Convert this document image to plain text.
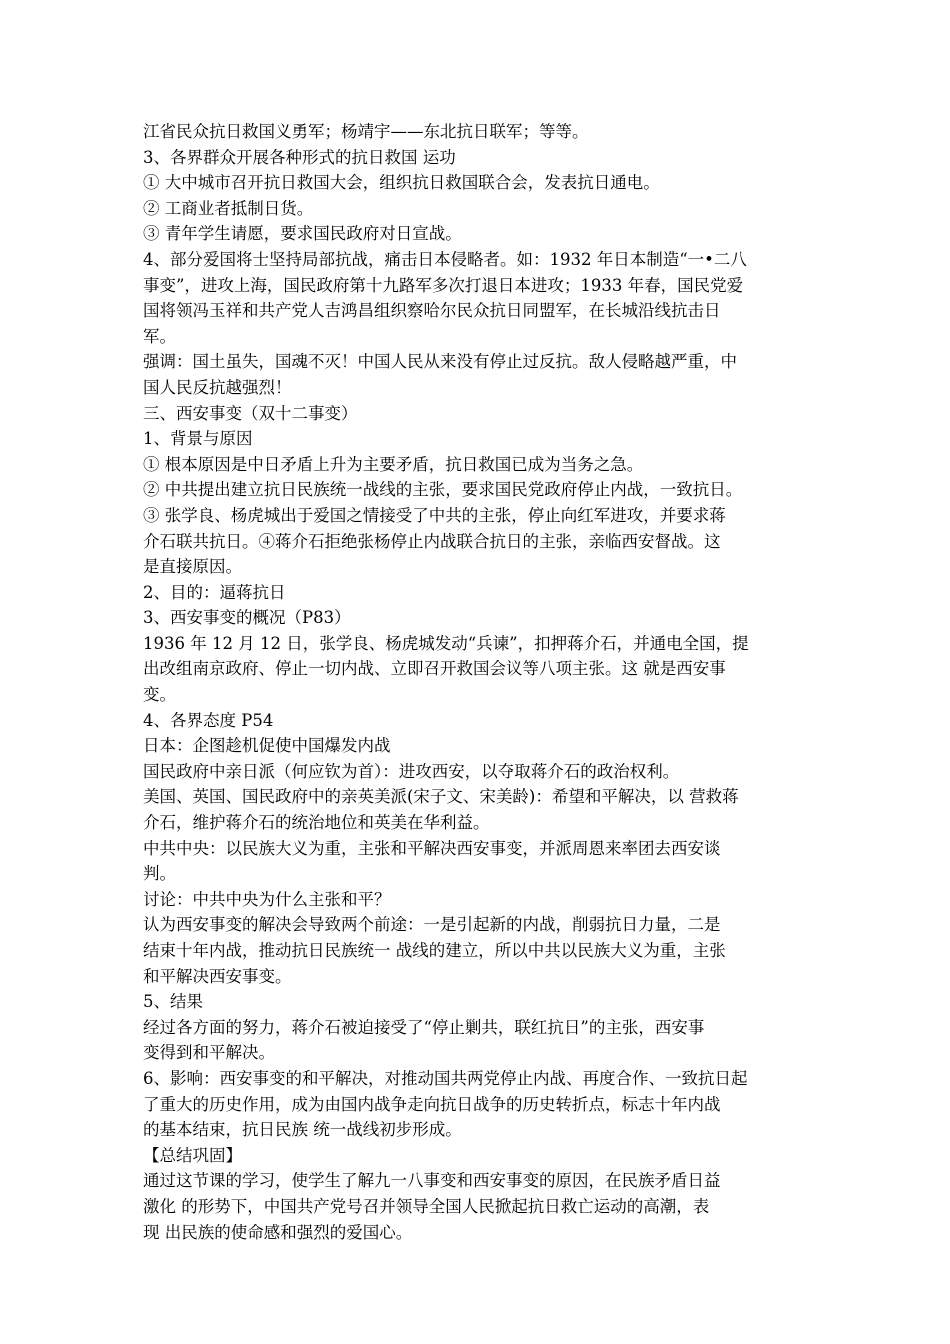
江省民众抗日救国义勇军；杨靖宇——东北抗日联军；等等。
3、各界群众开展各种形式的抗日救国 运功
① 大中城市召开抗日救国大会，组织抗日救国联合会，发表抗日通电。
② 工商业者抵制日货。
③ 青年学生请愿，要求国民政府对日宣战。
4、部分爱国将士坚持局部抗战，痛击日本侵略者。如：1932 年日本制造“一•二八
事变”，进攻上海，国民政府第十九路军多次打退日本进攻；1933 年春，国民党爱
国将领冯玉祥和共产党人吉鸿昌组织察哈尔民众抗日同盟军，在长城沿线抗击日
军。
强调：国土虽失，国魂不灭！中国人民从来没有停止过反抗。敌人侵略越严重，中
国人民反抗越强烈！
三、西安事变（双十二事变）
1、背景与原因
① 根本原因是中日矛盾上升为主要矛盾，抗日救国已成为当务之急。
② 中共提出建立抗日民族统一战线的主张，要求国民党政府停止内战，一致抗日。
③ 张学良、杨虎城出于爱国之情接受了中共的主张，停止向红军进攻，并要求蒋
介石联共抗日。④蒋介石拒绝张杨停止内战联合抗日的主张，亲临西安督战。这
是直接原因。
2、目的：逼蒋抗日
3、西安事变的概况（P83）
1936 年 12 月 12 日，张学良、杨虎城发动“兵谏”，扣押蒋介石，并通电全国，提
出改组南京政府、停止一切内战、立即召开救国会议等八项主张。这 就是西安事
变。
4、各界态度 P54
日本：企图趁机促使中国爆发内战
国民政府中亲日派（何应钦为首）：进攻西安，以夺取蒋介石的政治权利。
美国、英国、国民政府中的亲英美派(宋子文、宋美龄)：希望和平解决，以 营救蒋
介石，维护蒋介石的统治地位和英美在华利益。
中共中央：以民族大义为重，主张和平解决西安事变，并派周恩来率团去西安谈
判。
讨论：中共中央为什么主张和平？
认为西安事变的解决会导致两个前途：一是引起新的内战，削弱抗日力量，二是
结束十年内战，推动抗日民族统一 战线的建立，所以中共以民族大义为重，主张
和平解决西安事变。
5、结果
经过各方面的努力，蒋介石被迫接受了“停止剿共，联红抗日”的主张，西安事
变得到和平解决。
6、影响：西安事变的和平解决，对推动国共两党停止内战、再度合作、一致抗日起
了重大的历史作用，成为由国内战争走向抗日战争的历史转折点，标志十年内战
的基本结束，抗日民族 统一战线初步形成。
【总结巩固】
通过这节课的学习，使学生了解九一八事变和西安事变的原因，在民族矛盾日益
激化 的形势下，中国共产党号召并领导全国人民掀起抗日救亡运动的高潮，表
现 出民族的使命感和强烈的爱国心。
